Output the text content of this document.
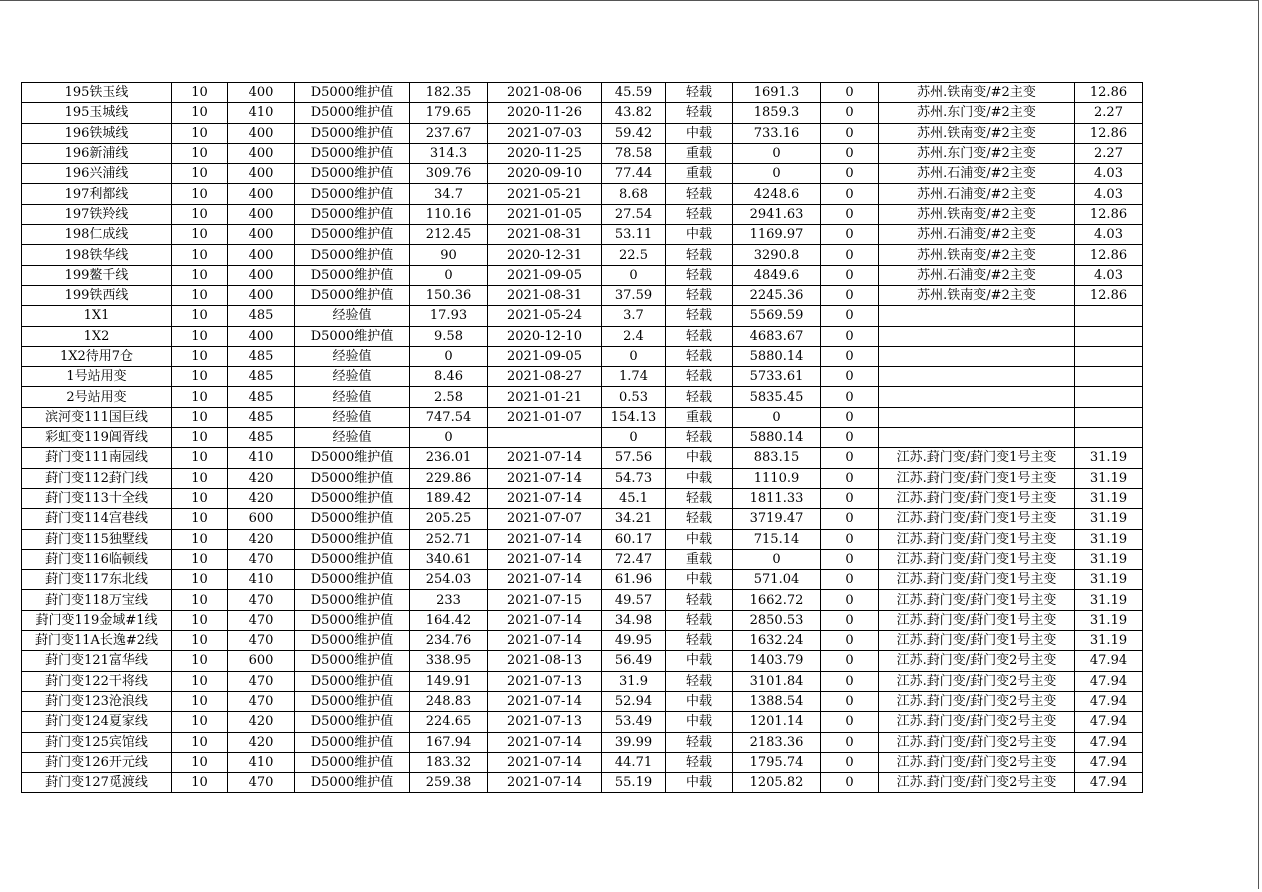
195铁玉线	10	400	D5000维护值	182.35	2021-08-06	45.59	轻载	1691.3	0	苏州.铁南变/#2主变	12.86
195玉城线	10	410	D5000维护值	179.65	2020-11-26	43.82	轻载	1859.3	0	苏州.东门变/#2主变	2.27
196铁城线	10	400	D5000维护值	237.67	2021-07-03	59.42	中载	733.16	0	苏州.铁南变/#2主变	12.86
196新浦线	10	400	D5000维护值	314.3	2020-11-25	78.58	重载	0	0	苏州.东门变/#2主变	2.27
196兴浦线	10	400	D5000维护值	309.76	2020-09-10	77.44	重载	0	0	苏州.石浦变/#2主变	4.03
197利都线	10	400	D5000维护值	34.7	2021-05-21	8.68	轻载	4248.6	0	苏州.石浦变/#2主变	4.03
197铁羚线	10	400	D5000维护值	110.16	2021-01-05	27.54	轻载	2941.63	0	苏州.铁南变/#2主变	12.86
198仁成线	10	400	D5000维护值	212.45	2021-08-31	53.11	中载	1169.97	0	苏州.石浦变/#2主变	4.03
198铁华线	10	400	D5000维护值	90	2020-12-31	22.5	轻载	3290.8	0	苏州.铁南变/#2主变	12.86
199鳌千线	10	400	D5000维护值	0	2021-09-05	0	轻载	4849.6	0	苏州.石浦变/#2主变	4.03
199铁西线	10	400	D5000维护值	150.36	2021-08-31	37.59	轻载	2245.36	0	苏州.铁南变/#2主变	12.86
1X1	10	485	经验值	17.93	2021-05-24	3.7	轻载	5569.59	0		
1X2	10	400	D5000维护值	9.58	2020-12-10	2.4	轻载	4683.67	0		
1X2待用7仓	10	485	经验值	0	2021-09-05	0	轻载	5880.14	0		
1号站用变	10	485	经验值	8.46	2021-08-27	1.74	轻载	5733.61	0		
2号站用变	10	485	经验值	2.58	2021-01-21	0.53	轻载	5835.45	0		
滨河变111国巨线	10	485	经验值	747.54	2021-01-07	154.13	重载	0	0		
彩虹变119阊胥线	10	485	经验值	0		0	轻载	5880.14	0		
葑门变111南园线	10	410	D5000维护值	236.01	2021-07-14	57.56	中载	883.15	0	江苏.葑门变/葑门变1号主变	31.19
葑门变112葑门线	10	420	D5000维护值	229.86	2021-07-14	54.73	中载	1110.9	0	江苏.葑门变/葑门变1号主变	31.19
葑门变113十全线	10	420	D5000维护值	189.42	2021-07-14	45.1	轻载	1811.33	0	江苏.葑门变/葑门变1号主变	31.19
葑门变114宫巷线	10	600	D5000维护值	205.25	2021-07-07	34.21	轻载	3719.47	0	江苏.葑门变/葑门变1号主变	31.19
葑门变115独墅线	10	420	D5000维护值	252.71	2021-07-14	60.17	中载	715.14	0	江苏.葑门变/葑门变1号主变	31.19
葑门变116临顿线	10	470	D5000维护值	340.61	2021-07-14	72.47	重载	0	0	江苏.葑门变/葑门变1号主变	31.19
葑门变117东北线	10	410	D5000维护值	254.03	2021-07-14	61.96	中载	571.04	0	江苏.葑门变/葑门变1号主变	31.19
葑门变118万宝线	10	470	D5000维护值	233	2021-07-15	49.57	轻载	1662.72	0	江苏.葑门变/葑门变1号主变	31.19
葑门变119金域#1线	10	470	D5000维护值	164.42	2021-07-14	34.98	轻载	2850.53	0	江苏.葑门变/葑门变1号主变	31.19
葑门变11A长逸#2线	10	470	D5000维护值	234.76	2021-07-14	49.95	轻载	1632.24	0	江苏.葑门变/葑门变1号主变	31.19
葑门变121富华线	10	600	D5000维护值	338.95	2021-08-13	56.49	中载	1403.79	0	江苏.葑门变/葑门变2号主变	47.94
葑门变122干将线	10	470	D5000维护值	149.91	2021-07-13	31.9	轻载	3101.84	0	江苏.葑门变/葑门变2号主变	47.94
葑门变123沧浪线	10	470	D5000维护值	248.83	2021-07-14	52.94	中载	1388.54	0	江苏.葑门变/葑门变2号主变	47.94
葑门变124夏家线	10	420	D5000维护值	224.65	2021-07-13	53.49	中载	1201.14	0	江苏.葑门变/葑门变2号主变	47.94
葑门变125宾馆线	10	420	D5000维护值	167.94	2021-07-14	39.99	轻载	2183.36	0	江苏.葑门变/葑门变2号主变	47.94
葑门变126开元线	10	410	D5000维护值	183.32	2021-07-14	44.71	轻载	1795.74	0	江苏.葑门变/葑门变2号主变	47.94
葑门变127觅渡线	10	470	D5000维护值	259.38	2021-07-14	55.19	中载	1205.82	0	江苏.葑门变/葑门变2号主变	47.94
